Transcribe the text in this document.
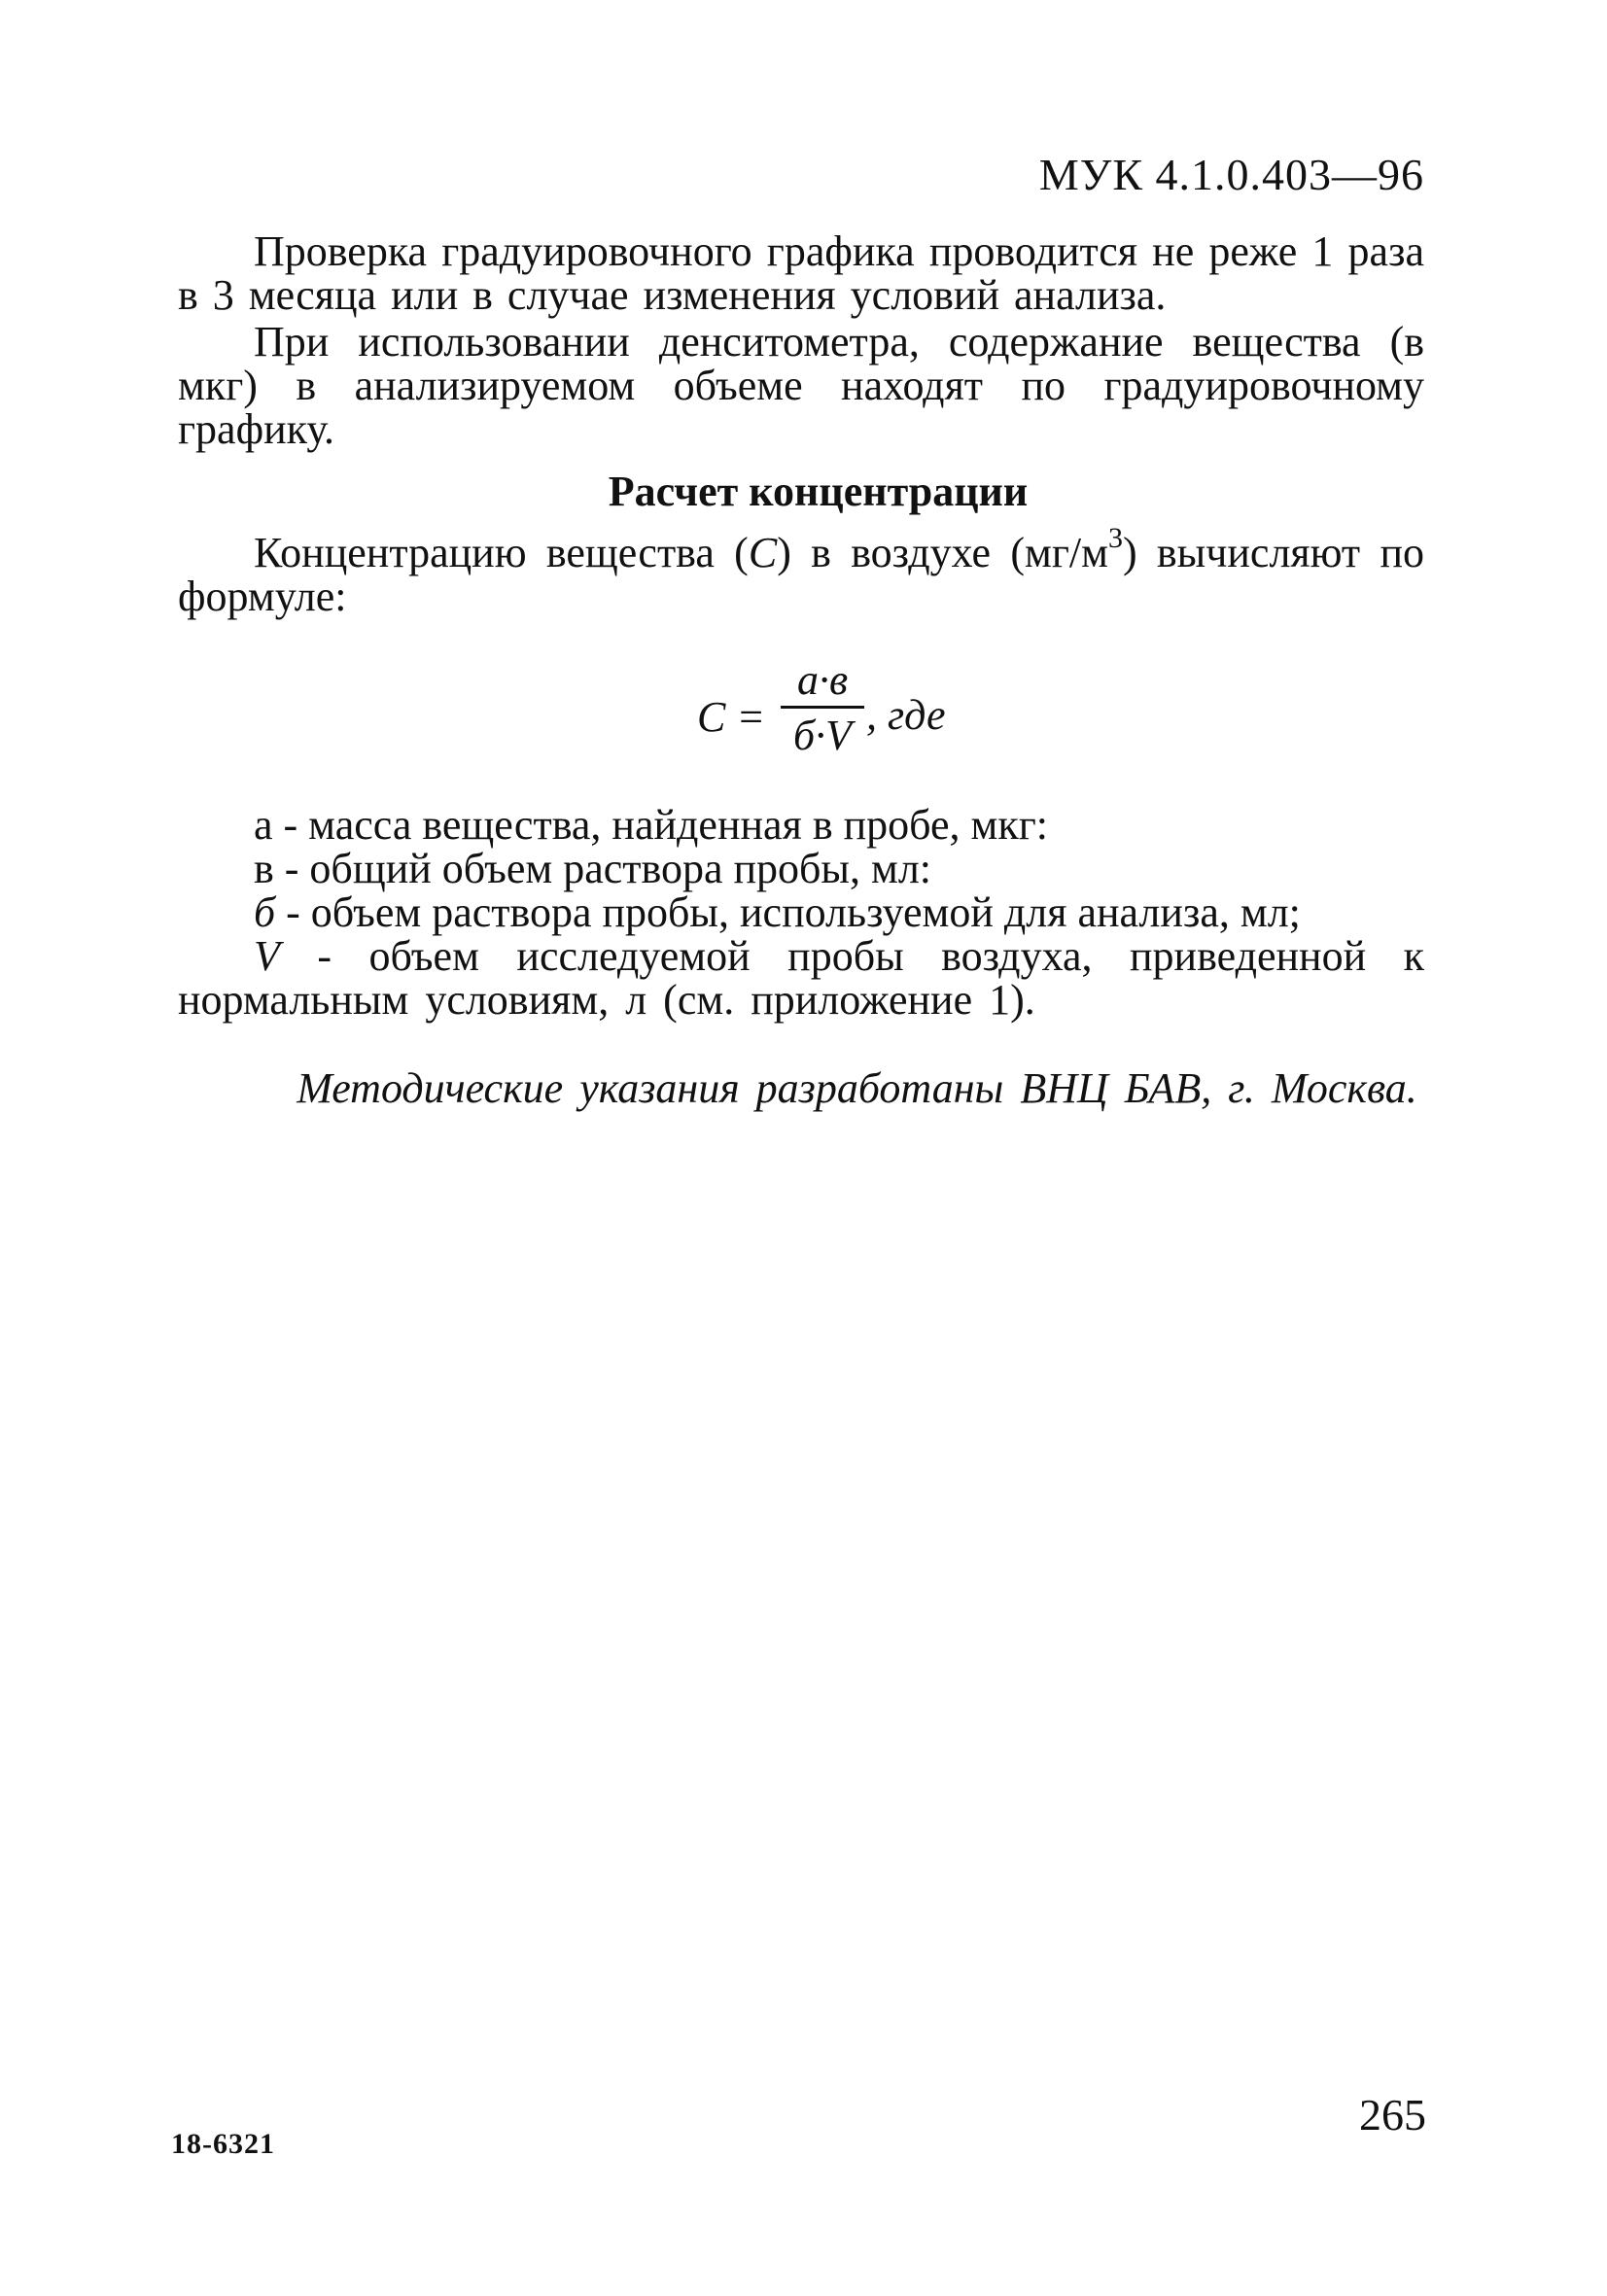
МУК 4.1.0.403—96

Проверка градуировочного графика проводится не реже 1 раза в 3 месяца или в случае изменения условий анализа.

При использовании денситометра, содержание вещества (в мкг) в анализируемом объеме находят по градуировочному графику.

Расчет концентрации

Концентрацию вещества (С) в воздухе $(мг/м^3)$ вычисляют по формуле:

С =
а·в
б·V , где
а - масса вещества, найденная в пробе, мкг:
в - общий объем раствора пробы, мл:
б - объем раствора пробы, используемой для анализа, мл;

V - объем исследуемой пробы воздуха, приведенной к нормальным условиям, л (см. приложение 1).

Методические указания разработаны ВНЦ БАВ, г. Москва.
265
18-6321
